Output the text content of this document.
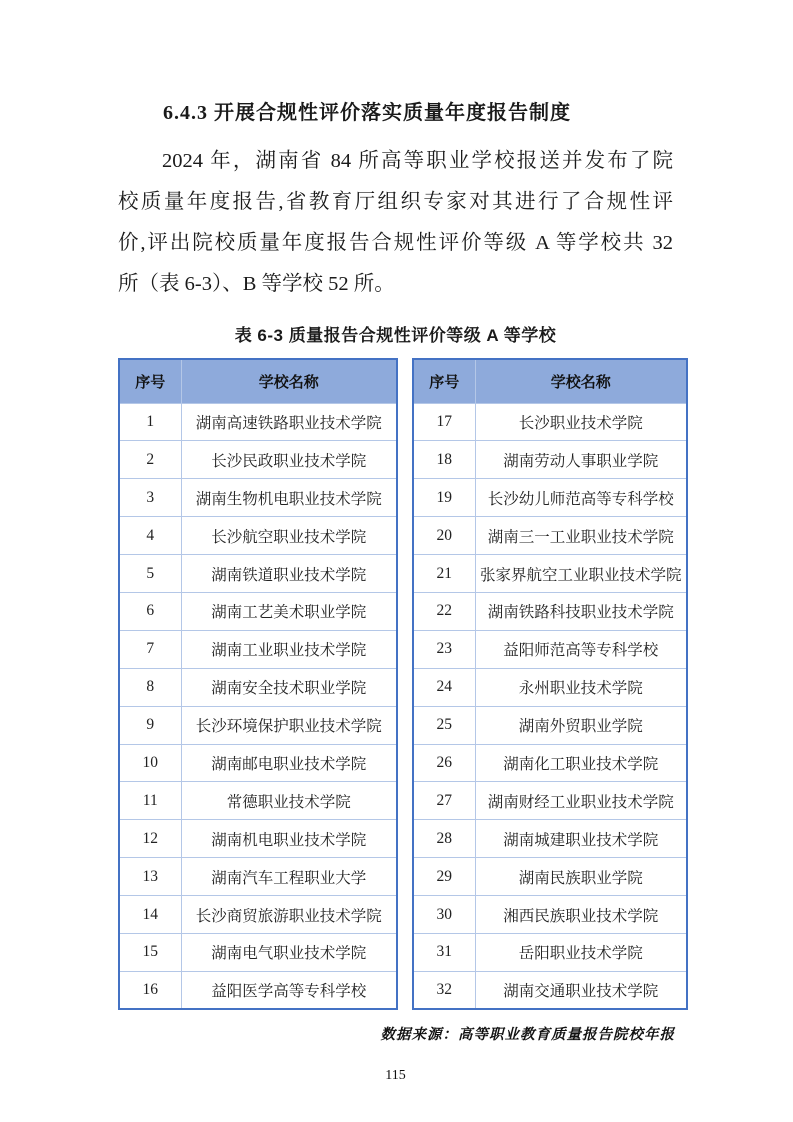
6.4.3 开展合规性评价落实质量年度报告制度
2024 年，湖南省 84 所高等职业学校报送并发布了院
校质量年度报告,省教育厅组织专家对其进行了合规性评
价,评出院校质量年度报告合规性评价等级 A 等学校共 32
所（表 6-3）、B 等学校 52 所。
表 6-3 质量报告合规性评价等级 A 等学校
序号	学校名称
1	湖南高速铁路职业技术学院
2	长沙民政职业技术学院
3	湖南生物机电职业技术学院
4	长沙航空职业技术学院
5	湖南铁道职业技术学院
6	湖南工艺美术职业学院
7	湖南工业职业技术学院
8	湖南安全技术职业学院
9	长沙环境保护职业技术学院
10	湖南邮电职业技术学院
11	常德职业技术学院
12	湖南机电职业技术学院
13	湖南汽车工程职业大学
14	长沙商贸旅游职业技术学院
15	湖南电气职业技术学院
16	益阳医学高等专科学校
序号	学校名称
17	长沙职业技术学院
18	湖南劳动人事职业学院
19	长沙幼儿师范高等专科学校
20	湖南三一工业职业技术学院
21	张家界航空工业职业技术学院
22	湖南铁路科技职业技术学院
23	益阳师范高等专科学校
24	永州职业技术学院
25	湖南外贸职业学院
26	湖南化工职业技术学院
27	湖南财经工业职业技术学院
28	湖南城建职业技术学院
29	湖南民族职业学院
30	湘西民族职业技术学院
31	岳阳职业技术学院
32	湖南交通职业技术学院
数据来源：高等职业教育质量报告院校年报
115
